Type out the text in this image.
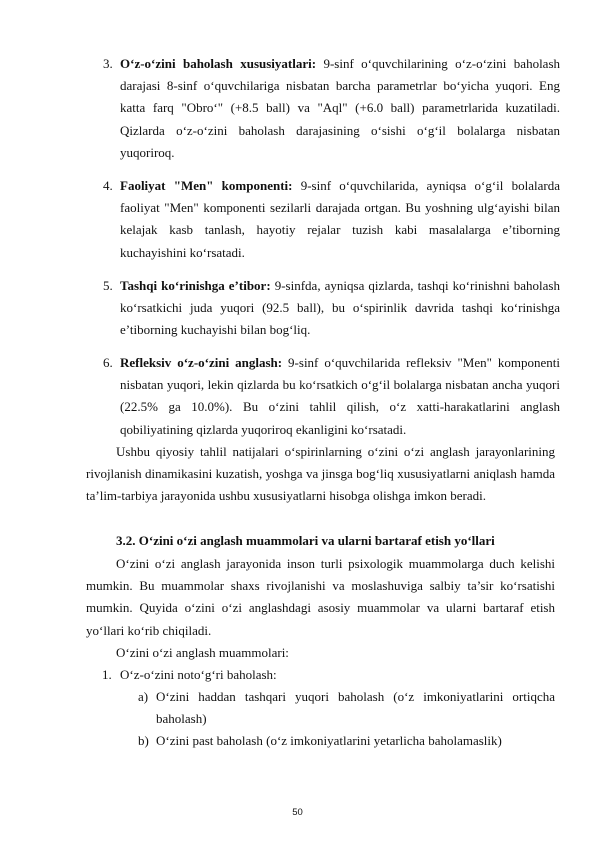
3. O‘z-o‘zini baholash xususiyatlari: 9-sinf o‘quvchilarining o‘z-o‘zini baholash darajasi 8-sinf o‘quvchilariga nisbatan barcha parametrlar bo‘yicha yuqori. Eng katta farq "Obro‘" (+8.5 ball) va "Aql" (+6.0 ball) parametrlarida kuzatiladi. Qizlarda o‘z-o‘zini baholash darajasining o‘sishi o‘g‘il bolalarga nisbatan yuqoriroq.
4. Faoliyat "Men" komponenti: 9-sinf o‘quvchilarida, ayniqsa o‘g‘il bolalarda faoliyat "Men" komponenti sezilarli darajada ortgan. Bu yoshning ulg‘ayishi bilan kelajak kasb tanlash, hayotiy rejalar tuzish kabi masalalarga e’tiborning kuchayishini ko‘rsatadi.
5. Tashqi ko‘rinishga e’tibor: 9-sinfda, ayniqsa qizlarda, tashqi ko‘rinishni baholash ko‘rsatkichi juda yuqori (92.5 ball), bu o‘spirinlik davrida tashqi ko‘rinishga e’tiborning kuchayishi bilan bog‘liq.
6. Refleksiv o‘z-o‘zini anglash: 9-sinf o‘quvchilarida refleksiv "Men" komponenti nisbatan yuqori, lekin qizlarda bu ko‘rsatkich o‘g‘il bolalarga nisbatan ancha yuqori (22.5% ga 10.0%). Bu o‘zini tahlil qilish, o‘z xatti-harakatlarini anglash qobiliyatining qizlarda yuqoriroq ekanligini ko‘rsatadi.
Ushbu qiyosiy tahlil natijalari o‘spirinlarning o‘zini o‘zi anglash jarayonlarining rivojlanish dinamikasini kuzatish, yoshga va jinsga bog‘liq xususiyatlarni aniqlash hamda ta’lim-tarbiya jarayonida ushbu xususiyatlarni hisobga olishga imkon beradi.
3.2. O‘zini o‘zi anglash muammolari va ularni bartaraf etish yo‘llari
O‘zini o‘zi anglash jarayonida inson turli psixologik muammolarga duch kelishi mumkin. Bu muammolar shaxs rivojlanishi va moslashuviga salbiy ta’sir ko‘rsatishi mumkin. Quyida o‘zini o‘zi anglashdagi asosiy muammolar va ularni bartaraf etish yo‘llari ko‘rib chiqiladi.
O‘zini o‘zi anglash muammolari:
1. O‘z-o‘zini noto‘g‘ri baholash:
a) O‘zini haddan tashqari yuqori baholash (o‘z imkoniyatlarini ortiqcha baholash)
b) O‘zini past baholash (o‘z imkoniyatlarini yetarlicha baholamaslik)
50
